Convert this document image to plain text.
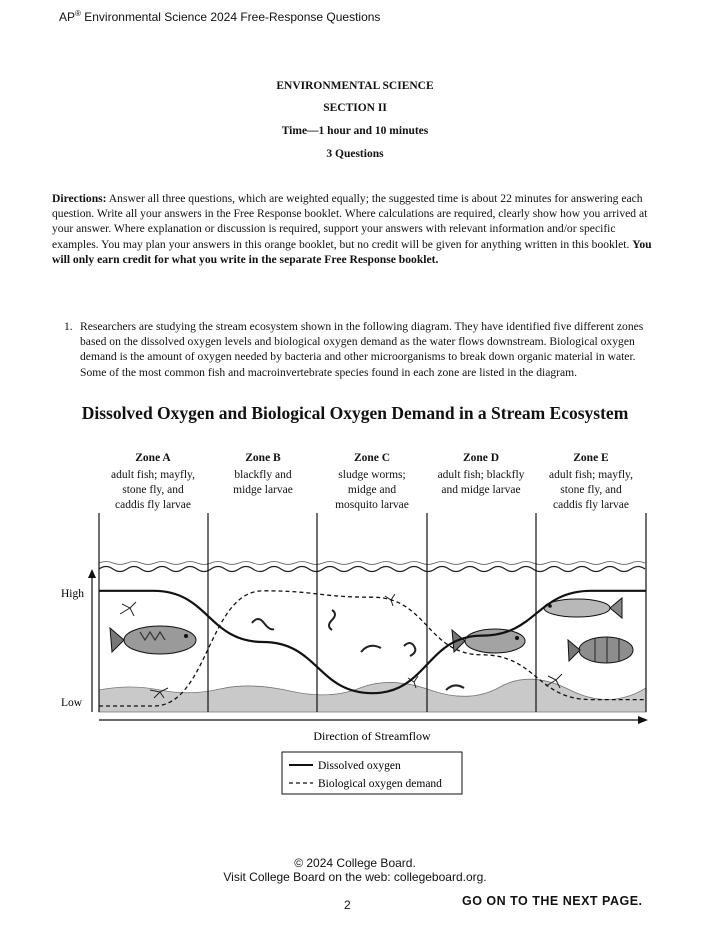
AP® Environmental Science 2024 Free-Response Questions
ENVIRONMENTAL SCIENCE
SECTION II
Time—1 hour and 10 minutes
3 Questions
Directions: Answer all three questions, which are weighted equally; the suggested time is about 22 minutes for answering each question. Write all your answers in the Free Response booklet. Where calculations are required, clearly show how you arrived at your answer. Where explanation or discussion is required, support your answers with relevant information and/or specific examples. You may plan your answers in this orange booklet, but no credit will be given for anything written in this booklet. You will only earn credit for what you write in the separate Free Response booklet.
1. Researchers are studying the stream ecosystem shown in the following diagram. They have identified five different zones based on the dissolved oxygen levels and biological oxygen demand as the water flows downstream. Biological oxygen demand is the amount of oxygen needed by bacteria and other microorganisms to break down organic material in water. Some of the most common fish and macroinvertebrate species found in each zone are listed in the diagram.
Dissolved Oxygen and Biological Oxygen Demand in a Stream Ecosystem
Zone A
adult fish; mayfly,
stone fly, and
caddis fly larvae
Zone B
blackfly and
midge larvae
Zone C
sludge worms;
midge and
mosquito larvae
Zone D
adult fish; blackfly
and midge larvae
Zone E
adult fish; mayfly,
stone fly, and
caddis fly larvae
High
Low
Direction of Streamflow
Dissolved oxygen
Biological oxygen demand
© 2024 College Board.
Visit College Board on the web: collegeboard.org.
2	GO ON TO THE NEXT PAGE.
